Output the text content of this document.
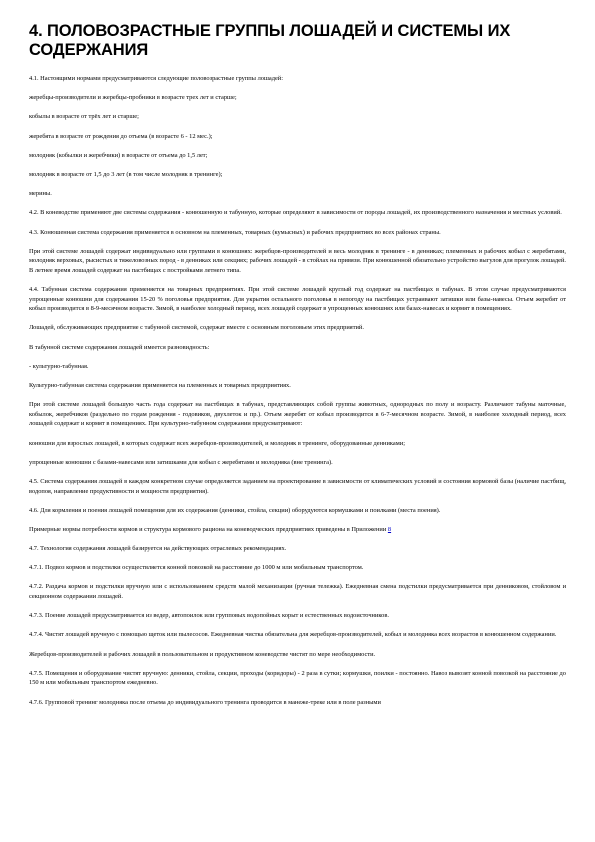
4. ПОЛОВОЗРАСТНЫЕ ГРУППЫ ЛОШАДЕЙ И СИСТЕМЫ ИХ СОДЕРЖАНИЯ

4.1. Настоящими нормами предусматриваются следующие половозрастные группы лошадей:

жеребцы-производители и жеребцы-пробники в возрасте трех лет и старше;

кобылы в возрасте от трёх лет и старше;

жеребята в возрасте от рождения до отъема (в возрасте 6 - 12 мес.);

молодняк (кобылки и жеребчики) в возрасте от отъема до 1,5 лет;

молодняк в возрасте от 1,5 до 3 лет (в том числе молодняк в тренинге);

мерины.

4.2. В коневодстве применяют две системы содержания - конюшенную и табунную, которые определяют в зависимости от породы лошадей, их производственного назначения и местных условий.

4.3. Конюшенная система содержания применяется в основном на племенных, товарных (кумысных) и рабочих предприятиях во всех районах страны.

При этой системе лошадей содержат индивидуально или группами в конюшнях: жеребцов-производителей и весь молодняк в тренинге - в денниках; племенных и рабочих кобыл с жеребятами, молодняк верховых, рысистых и тяжеловозных пород - в денниках или секциях; рабочих лошадей - в стойлах на привязи. При конюшенной обязательно устройство выгулов для прогулок лошадей. В летнее время лошадей содержат на пастбищах с постройками летнего типа.

4.4. Табунная система содержания применяется на товарных предприятиях. При этой системе лошадей круглый год содержат на пастбищах в табунах. В этом случае предусматриваются упрощенные конюшни для содержания 15-20 % поголовья предприятия. Для укрытия остального поголовья в непогоду на пастбищах устраивают затишки или базы-навесы. Отъем жеребят от кобыл производится в 8-9-месячном возрасте. Зимой, в наиболее холодный период, всех лошадей содержат в упрощенных конюшнях или базах-навесах и кормят в помещениях.

Лошадей, обслуживающих предприятие с табунной системой, содержат вместе с основным поголовьем этих предприятий.

В табунной системе содержания лошадей имеется разновидность:

- культурно-табунная.

Культурно-табунная система содержания применяется на племенных и товарных предприятиях.

При этой системе лошадей большую часть года содержат на пастбищах в табунах, представляющих собой группы животных, однородных по полу и возрасту. Различают табуны маточные, кобылок, жеребчиков (раздельно по годам рождения - годовиков, двухлеток и пр.). Отъем жеребят от кобыл производится в 6-7-месячном возрасте. Зимой, в наиболее холодный период, всех лошадей содержат и кормят в помещениях. При культурно-табунном содержании предусматривают:

конюшни для взрослых лошадей, в которых содержат всех жеребцов-производителей, и молодняк в тренинге, оборудованные денниками;

упрощенные конюшни с базами-навесами или затишками для кобыл с жеребятами и молодняка (вне тренинга).

4.5. Система содержания лошадей в каждом конкретном случае определяется заданием на проектирование в зависимости от климатических условий и состояния кормовой базы (наличие пастбищ, водопоя, направление продуктивности и мощности предприятия).

4.6. Для кормления и поения лошадей помещения для их содержания (денники, стойла, секции) оборудуются кормушками и поилками (места поения).

Примерные нормы потребности кормов и структура кормового рациона на коневодческих предприятиях приведены в Приложении 8

4.7. Технология содержания лошадей базируется на действующих отраслевых рекомендациях.

4.7.1. Подвоз кормов и подстилки осуществляется конной повозкой на расстояние до 1000 м или мобильным транспортом.

4.7.2. Раздача кормов и подстилки вручную или с использованием средств малой механизации (ручная тележка). Ежедневная смена подстилки предусматривается при денниковом, стойловом и секционном содержании лошадей.

4.7.3. Поение лошадей предусматривается из ведер, автопоилок или групповых водопойных корыт и естественных водоисточников.

4.7.4. Чистят лошадей вручную с помощью щеток или пылесосов. Ежедневная чистка обязательна для жеребцов-производителей, кобыл и молодняка всех возрастов в конюшенном содержании.

Жеребцов-производителей и рабочих лошадей в пользовательном и продуктивном коневодстве чистят по мере необходимости.

4.7.5. Помещения и оборудование чистят вручную: денники, стойла, секции, проходы (коридоры) - 2 раза в сутки; кормушки, поилки - постоянно. Навоз вывозят конной повозкой на расстояние до 150 м или мобильным транспортом ежедневно.

4.7.6. Групповой тренинг молодняка после отъема до индивидуального тренинга проводится в манеже-треке или в поле разными
